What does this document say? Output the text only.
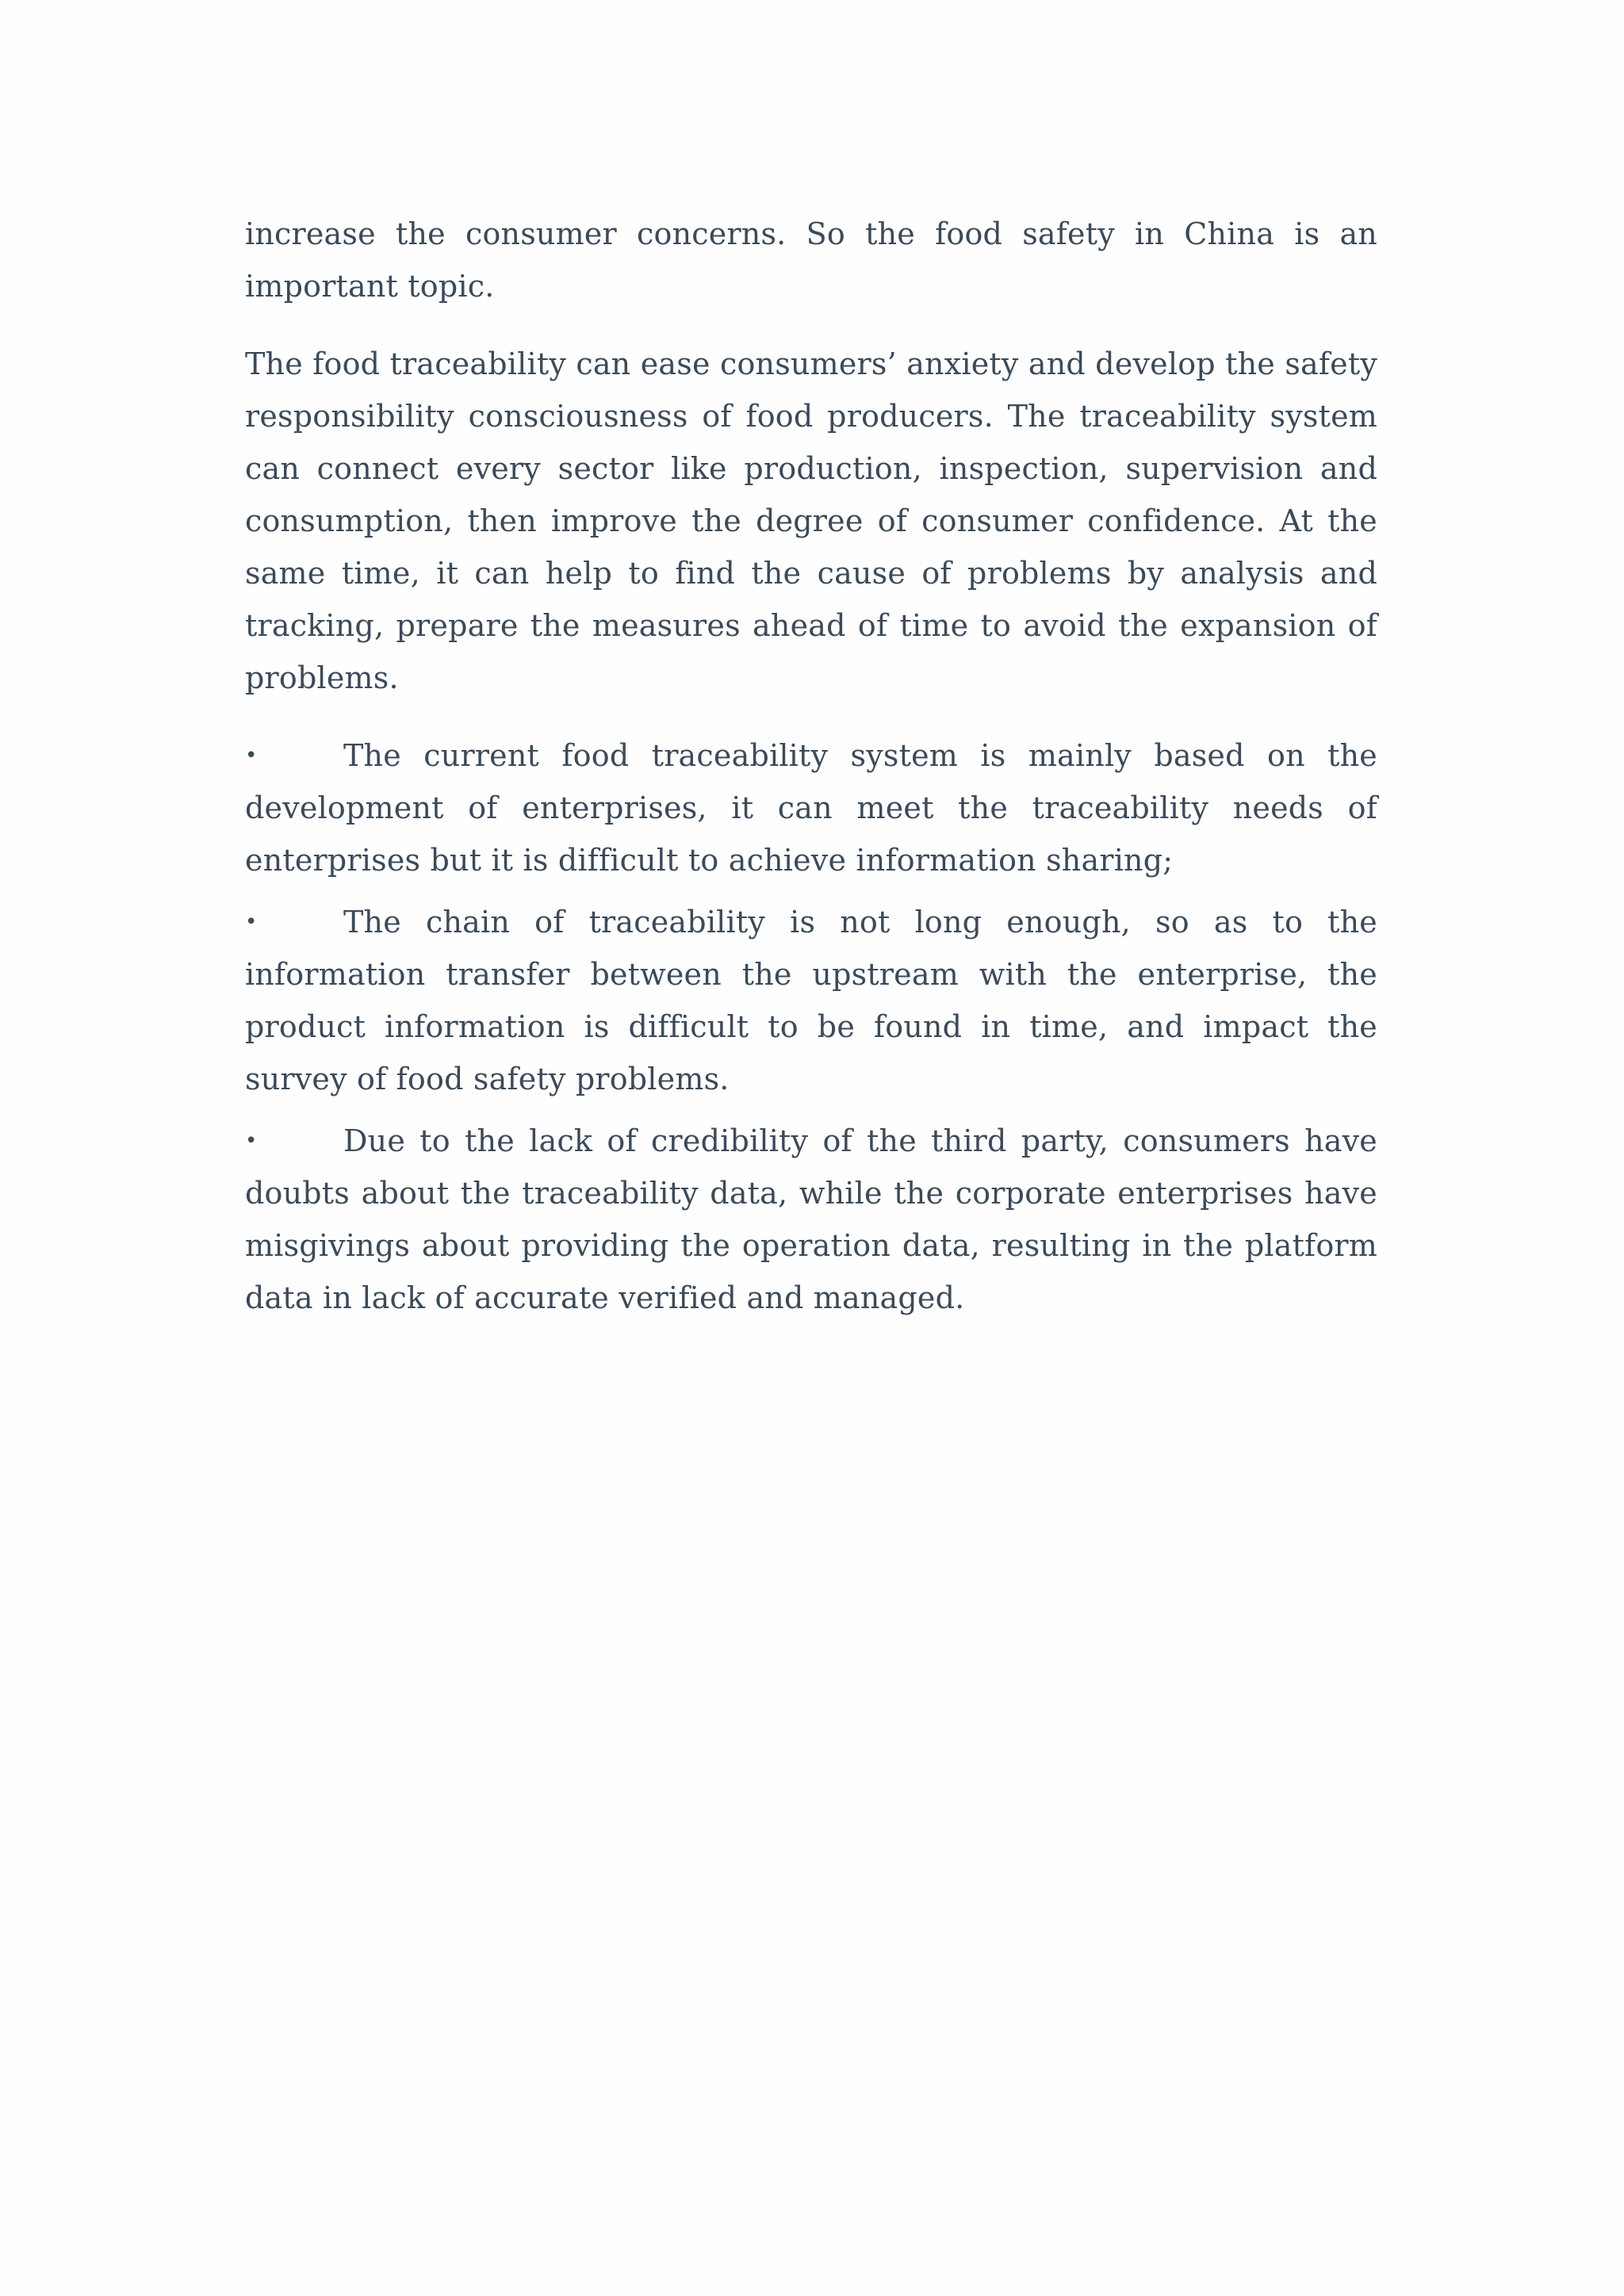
increase the consumer concerns. So the food safety in China is an important topic.

The food traceability can ease consumers’ anxiety and develop the safety responsibility consciousness of food producers. The traceability system can connect every sector like production, inspection, supervision and consumption, then improve the degree of consumer confidence. At the same time, it can help to find the cause of problems by analysis and tracking, prepare the measures ahead of time to avoid the expansion of problems.

•	The current food traceability system is mainly based on the development of enterprises, it can meet the traceability needs of enterprises but it is difficult to achieve information sharing;
•	The chain of traceability is not long enough, so as to the information transfer between the upstream with the enterprise, the product information is difficult to be found in time, and impact the survey of food safety problems.
•	Due to the lack of credibility of the third party, consumers have doubts about the traceability data, while the corporate enterprises have misgivings about providing the operation data, resulting in the platform data in lack of accurate verified and managed.
